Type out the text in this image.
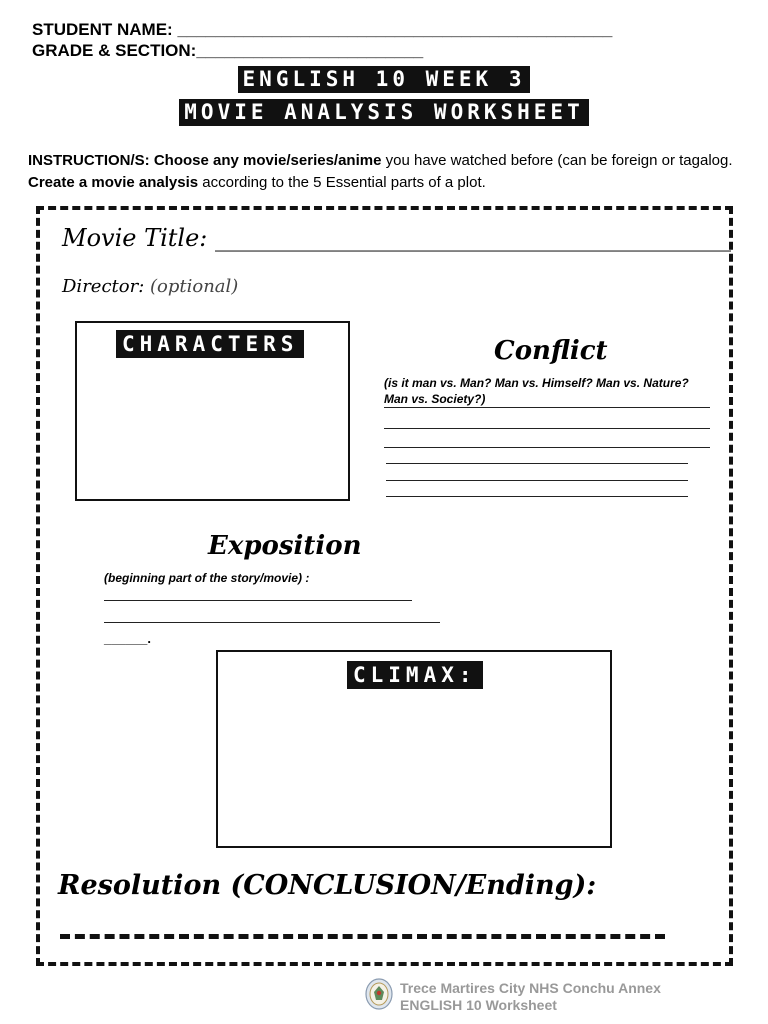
STUDENT NAME: ______________________________________________
GRADE & SECTION:________________________
ENGLISH 10 WEEK 3
MOVIE ANALYSIS WORKSHEET
INSTRUCTION/S: Choose any movie/series/anime you have watched before (can be foreign or tagalog. Create a movie analysis according to the 5 Essential parts of a plot.
Movie Title: ___________________________________________
Director: (optional)
CHARACTERS	Conflict
(is it man vs. Man? Man vs. Himself? Man vs. Nature? Man vs. Society?)
Exposition
(beginning part of the story/movie) :
______.
CLIMAX:
Resolution (CONCLUSION/Ending):
Trece Martires City NHS Conchu Annex
ENGLISH 10 Worksheet
